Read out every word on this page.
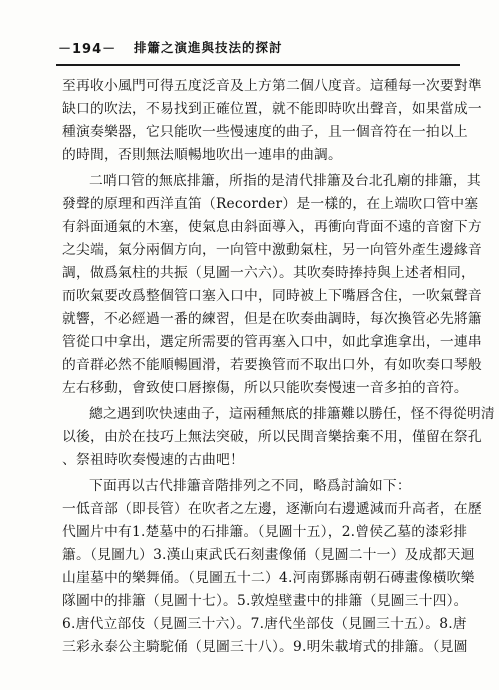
－194－ 排簫之演進與技法的探討
至再收小風門可得五度泛音及上方第二個八度音。這種每一次要對準
缺口的吹法，不易找到正確位置，就不能即時吹出聲音，如果當成一
種演奏樂器，它只能吹一些慢速度的曲子，且一個音符在一拍以上
的時間，否則無法順暢地吹出一連串的曲調。
二哨口管的無底排簫，所指的是清代排簫及台北孔廟的排簫，其
發聲的原理和西洋直笛（Recorder）是一樣的，在上端吹口管中塞
有斜面通氣的木塞，使氣息由斜面導入，再衝向背面不遠的音窗下方
之尖端，氣分兩個方向，一向管中激動氣柱，另一向管外產生邊緣音
調，做爲氣柱的共振（見圖一六六）。其吹奏時捧持與上述者相同，
而吹氣要改爲整個管口塞入口中，同時被上下嘴唇含住，一吹氣聲音
就響，不必經過一番的練習，但是在吹奏曲調時，每次換管必先將簫
管從口中拿出，選定所需要的管再塞入口中，如此拿進拿出，一連串
的音群必然不能順暢圓滑，若要換管而不取出口外，有如吹奏口琴般
左右移動，會致使口唇擦傷，所以只能吹奏慢速一音多拍的音符。
總之遇到吹快速曲子，這兩種無底的排簫難以勝任，怪不得從明清
以後，由於在技巧上無法突破，所以民間音樂捨棄不用，僅留在祭孔
、祭祖時吹奏慢速的古曲吧！
下面再以古代排簫音階排列之不同，略爲討論如下：
一低音部（即長管）在吹者之左邊，逐漸向右邊遞減而升高者，在歷
代圖片中有1.楚墓中的石排簫。（見圖十五），2.曾侯乙墓的漆彩排
簫。（見圖九）3.漢山東武氏石刻畫像俑（見圖二十一）及成都天迴
山崖墓中的樂舞俑。（見圖五十二）4.河南鄧縣南朝石磚畫像橫吹樂
隊圖中的排簫（見圖十七）。5.敦煌壁畫中的排簫（見圖三十四）。
6.唐代立部伎（見圖三十六）。7.唐代坐部伎（見圖三十五）。8.唐
三彩永泰公主騎駝俑（見圖三十八）。9.明朱載堉式的排簫。（見圖
